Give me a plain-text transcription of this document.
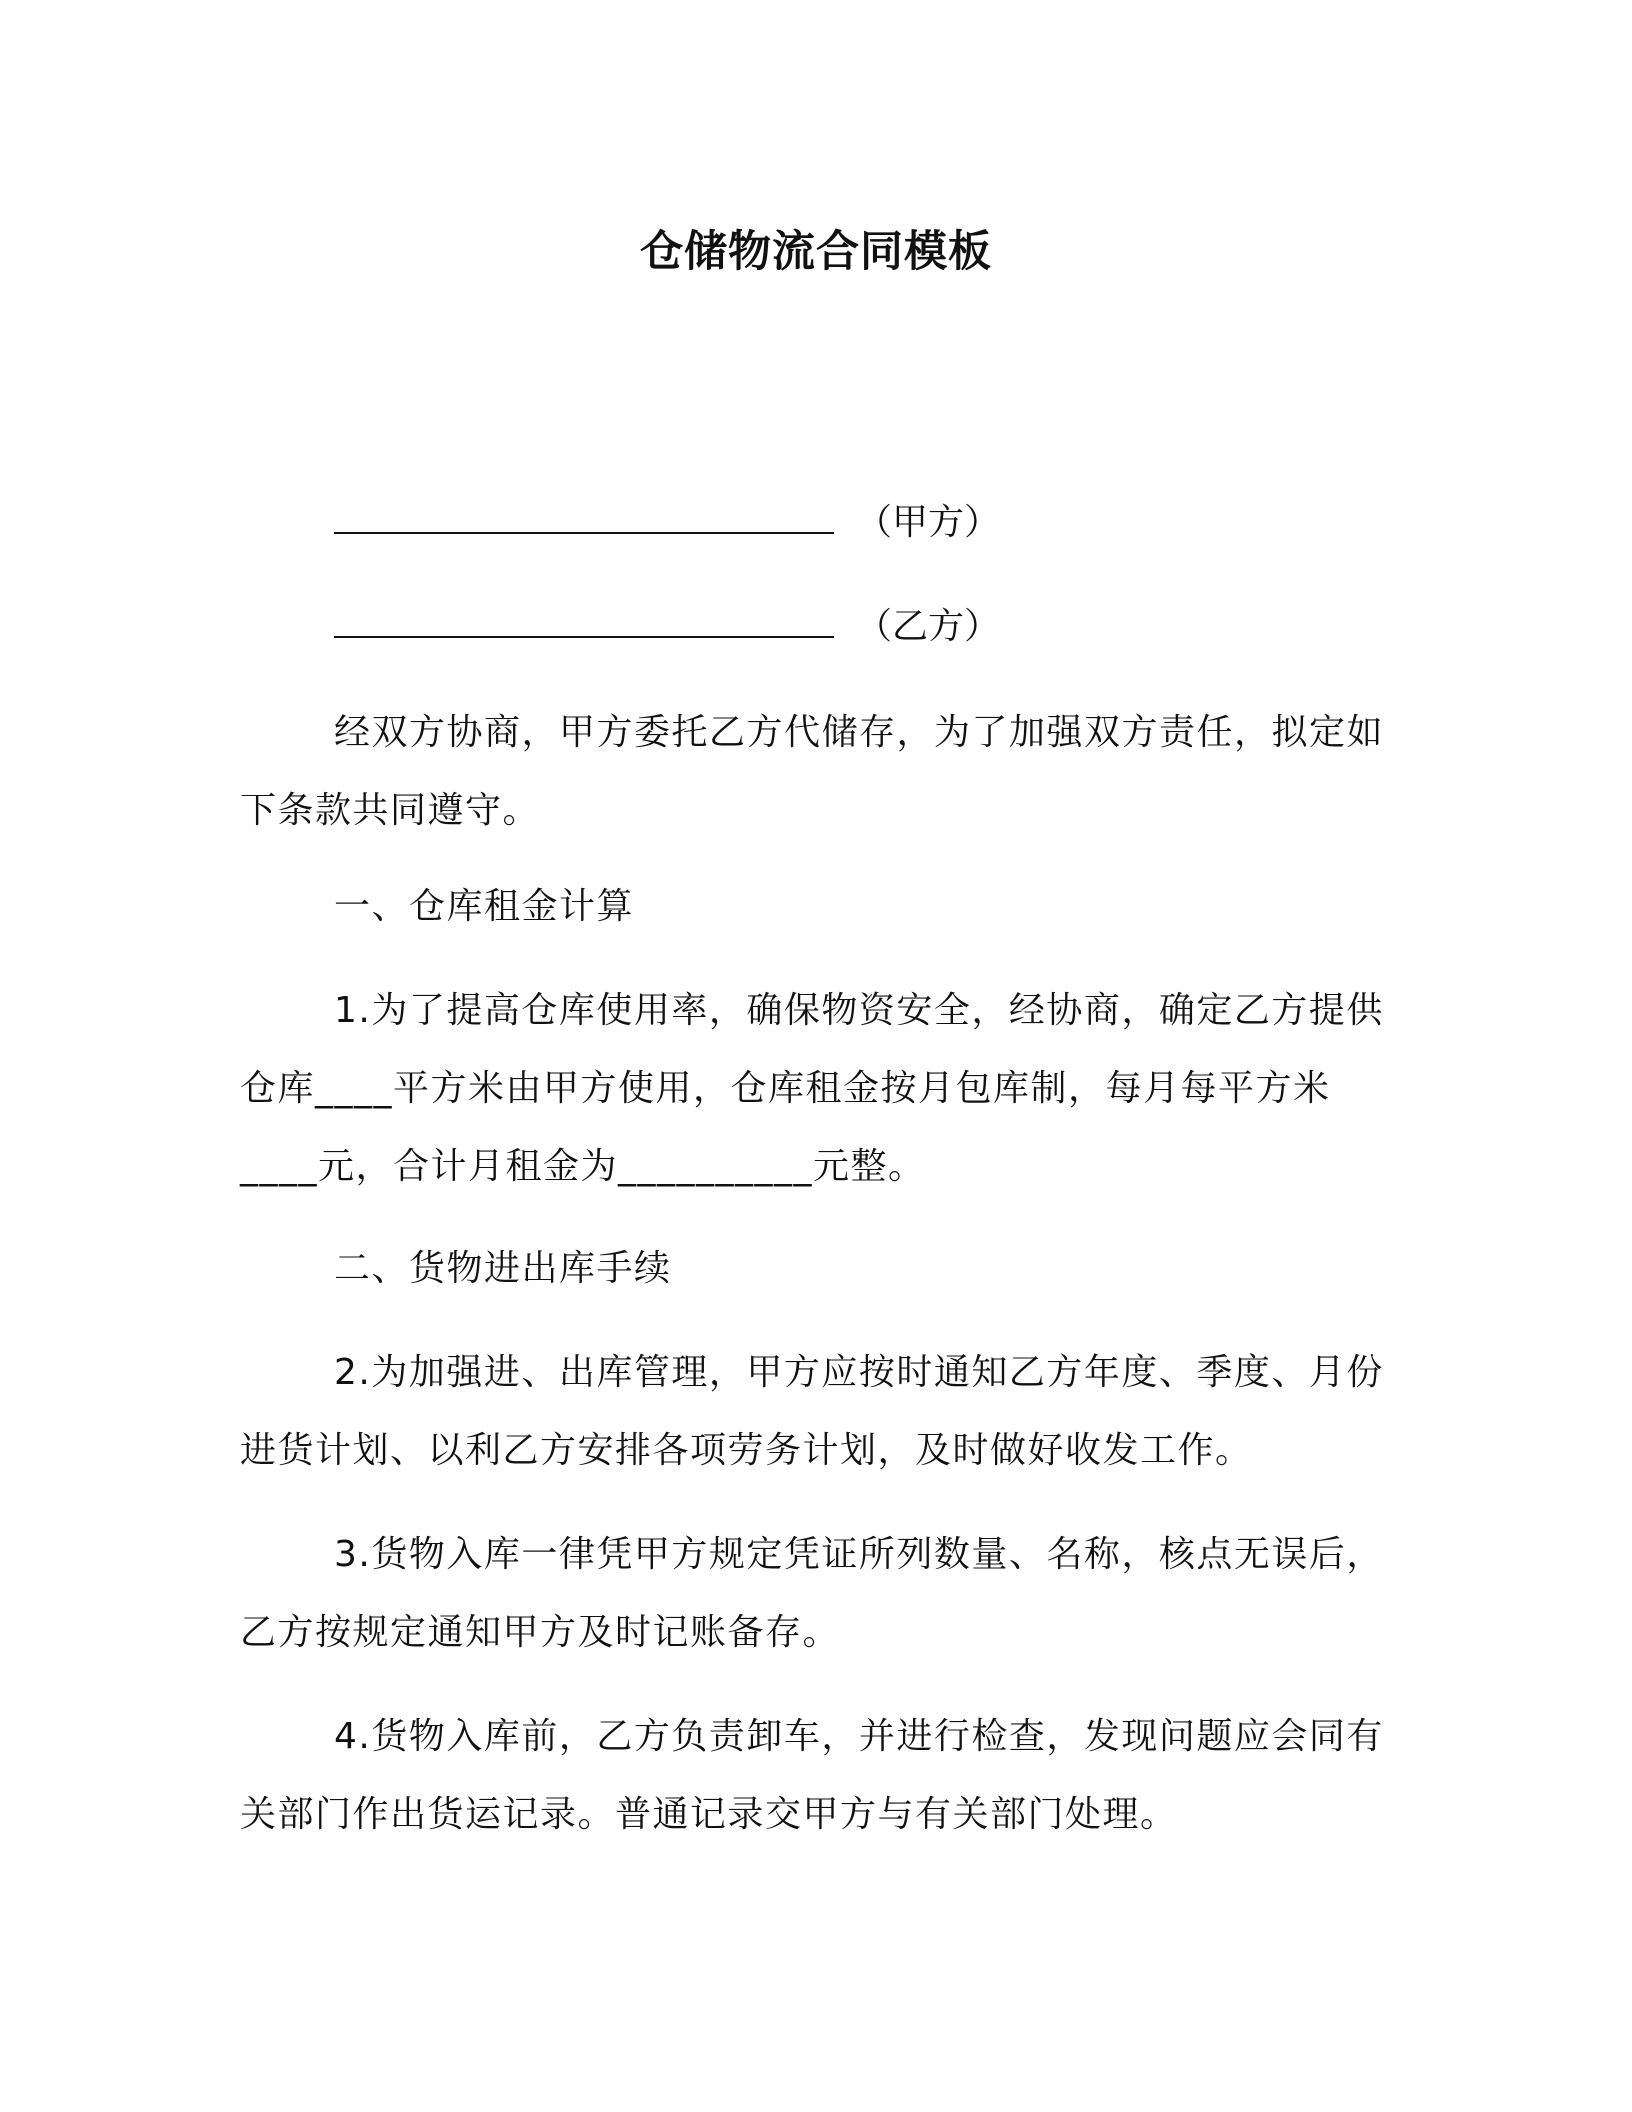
仓储物流合同模板
（甲方）
（乙方）
经双方协商，甲方委托乙方代储存，为了加强双方责任，拟定如下条款共同遵守。
一、仓库租金计算
1.为了提高仓库使用率，确保物资安全，经协商，确定乙方提供仓库____平方米由甲方使用，仓库租金按月包库制，每月每平方米____元，合计月租金为__________元整。
二、货物进出库手续
2.为加强进、出库管理，甲方应按时通知乙方年度、季度、月份进货计划、以利乙方安排各项劳务计划，及时做好收发工作。
3.货物入库一律凭甲方规定凭证所列数量、名称，核点无误后，乙方按规定通知甲方及时记账备存。
4.货物入库前，乙方负责卸车，并进行检查，发现问题应会同有关部门作出货运记录。普通记录交甲方与有关部门处理。
